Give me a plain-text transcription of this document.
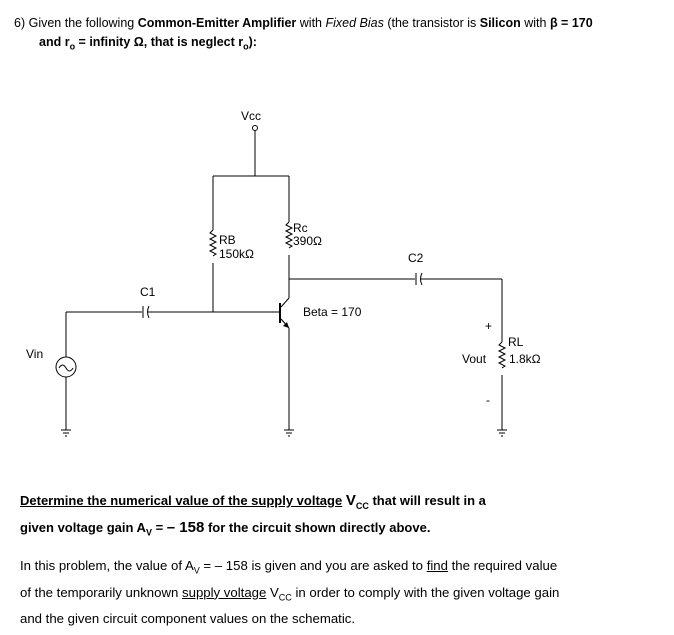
6) Given the following Common-Emitter Amplifier with Fixed Bias (the transistor is Silicon with β = 170
and $r_o$ = infinity Ω, that is neglect $r_o$):
Vcc
Rc
390Ω
RB
150kΩ	C2
C1
Beta = 170
+
-
RL
Vout 1.8kΩ
Vin
Determine the numerical value of the supply voltage $V_{CC}$ that will result in a
given voltage gain $A_V$ = – 158 for the circuit shown directly above.
In this problem, the value of $A_V$ = – 158 is given and you are asked to find the required value
of the temporarily unknown supply voltage $V_{CC}$ in order to comply with the given voltage gain
and the given circuit component values on the schematic.
